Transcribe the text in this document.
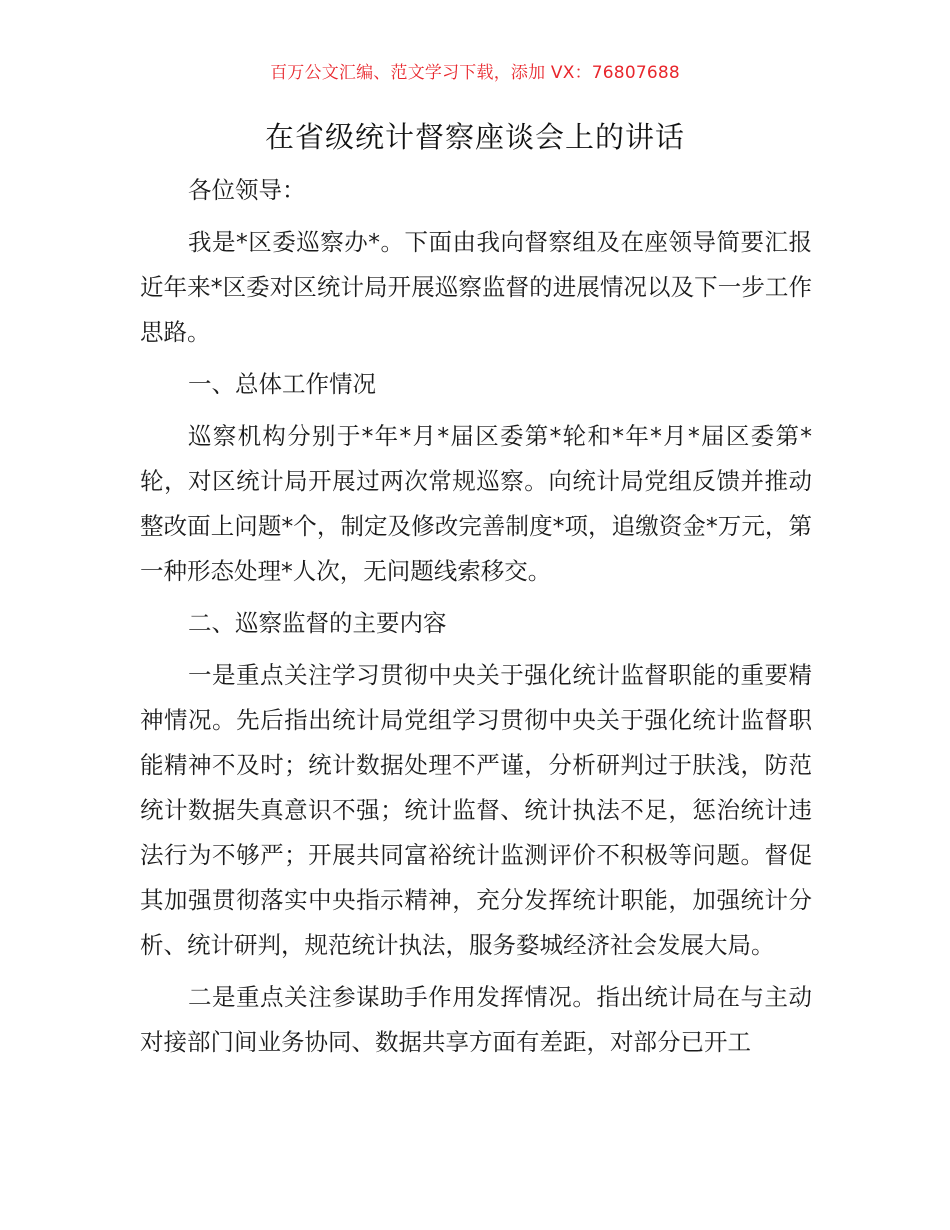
百万公文汇编、范文学习下载，添加 VX：76807688
在省级统计督察座谈会上的讲话

各位领导：

我是*区委巡察办*。下面由我向督察组及在座领导简要汇报近年来*区委对区统计局开展巡察监督的进展情况以及下一步工作思路。

一、总体工作情况

巡察机构分别于*年*月*届区委第*轮和*年*月*届区委第*轮，对区统计局开展过两次常规巡察。向统计局党组反馈并推动整改面上问题*个，制定及修改完善制度*项，追缴资金*万元，第一种形态处理*人次，无问题线索移交。

二、巡察监督的主要内容

一是重点关注学习贯彻中央关于强化统计监督职能的重要精神情况。先后指出统计局党组学习贯彻中央关于强化统计监督职能精神不及时；统计数据处理不严谨，分析研判过于肤浅，防范统计数据失真意识不强；统计监督、统计执法不足，惩治统计违法行为不够严；开展共同富裕统计监测评价不积极等问题。督促其加强贯彻落实中央指示精神，充分发挥统计职能，加强统计分析、统计研判，规范统计执法，服务婺城经济社会发展大局。

二是重点关注参谋助手作用发挥情况。指出统计局在与主动对接部门间业务协同、数据共享方面有差距，对部分已开工
